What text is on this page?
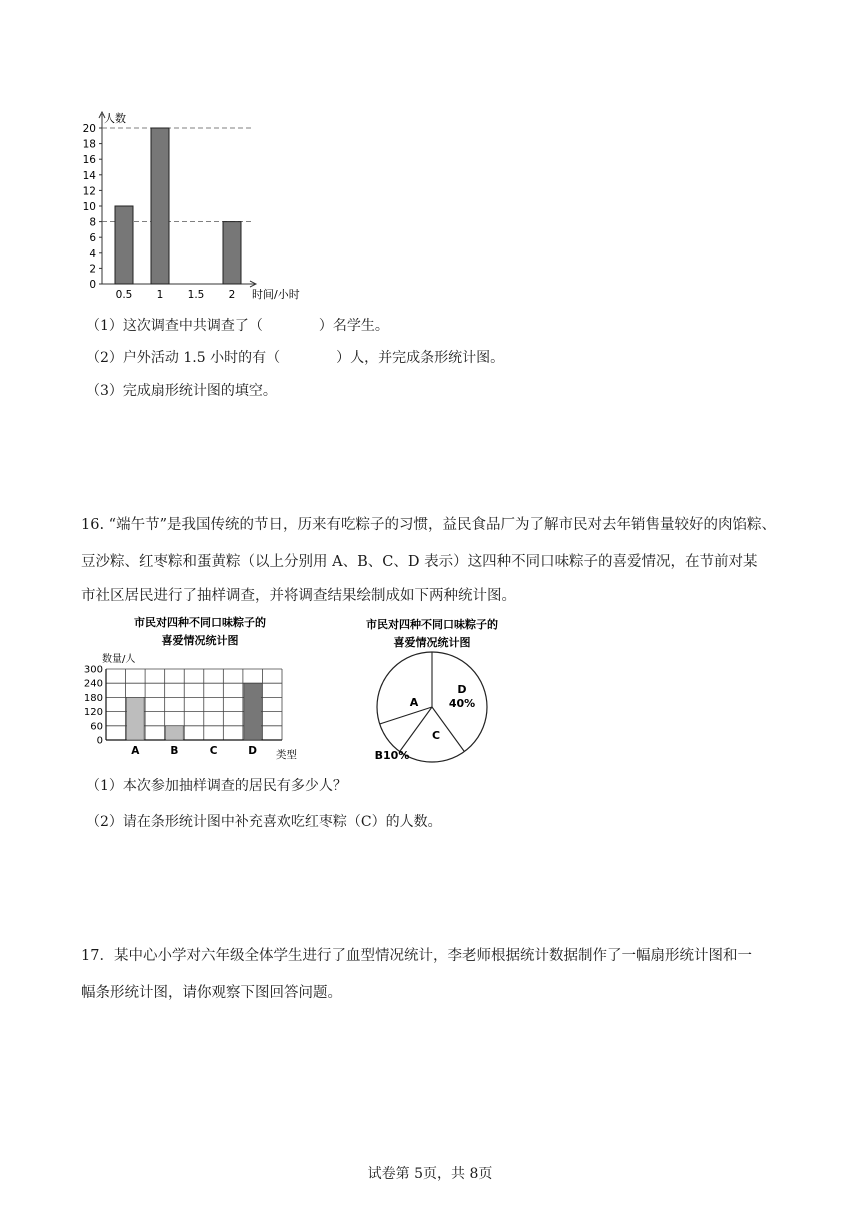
0
2
4
6
8
10
12
14
16
18
20
0.5 1 1.5 2
人数
时间/小时
（1）这次调查中共调查了（　　　　）名学生。
（2）户外活动 1.5 小时的有（　　　　）人，并完成条形统计图。
（3）完成扇形统计图的填空。
16. “端午节”是我国传统的节日，历来有吃粽子的习惯，益民食品厂为了解市民对去年销售量较好的肉馅粽、
豆沙粽、红枣粽和蛋黄粽（以上分别用 A、B、C、D 表示）这四种不同口味粽子的喜爱情况，在节前对某
市社区居民进行了抽样调查，并将调查结果绘制成如下两种统计图。
市民对四种不同口味粽子的
喜爱情况统计图
数量/人
类型
0
60
120
180
240
300
A	B	C	D
市民对四种不同口味粽子的
喜爱情况统计图
D
40%
C
B10%
A
（1）本次参加抽样调查的居民有多少人？
（2）请在条形统计图中补充喜欢吃红枣粽（C）的人数。
17．某中心小学对六年级全体学生进行了血型情况统计，李老师根据统计数据制作了一幅扇形统计图和一
幅条形统计图，请你观察下图回答问题。
试卷第 5页，共 8页
